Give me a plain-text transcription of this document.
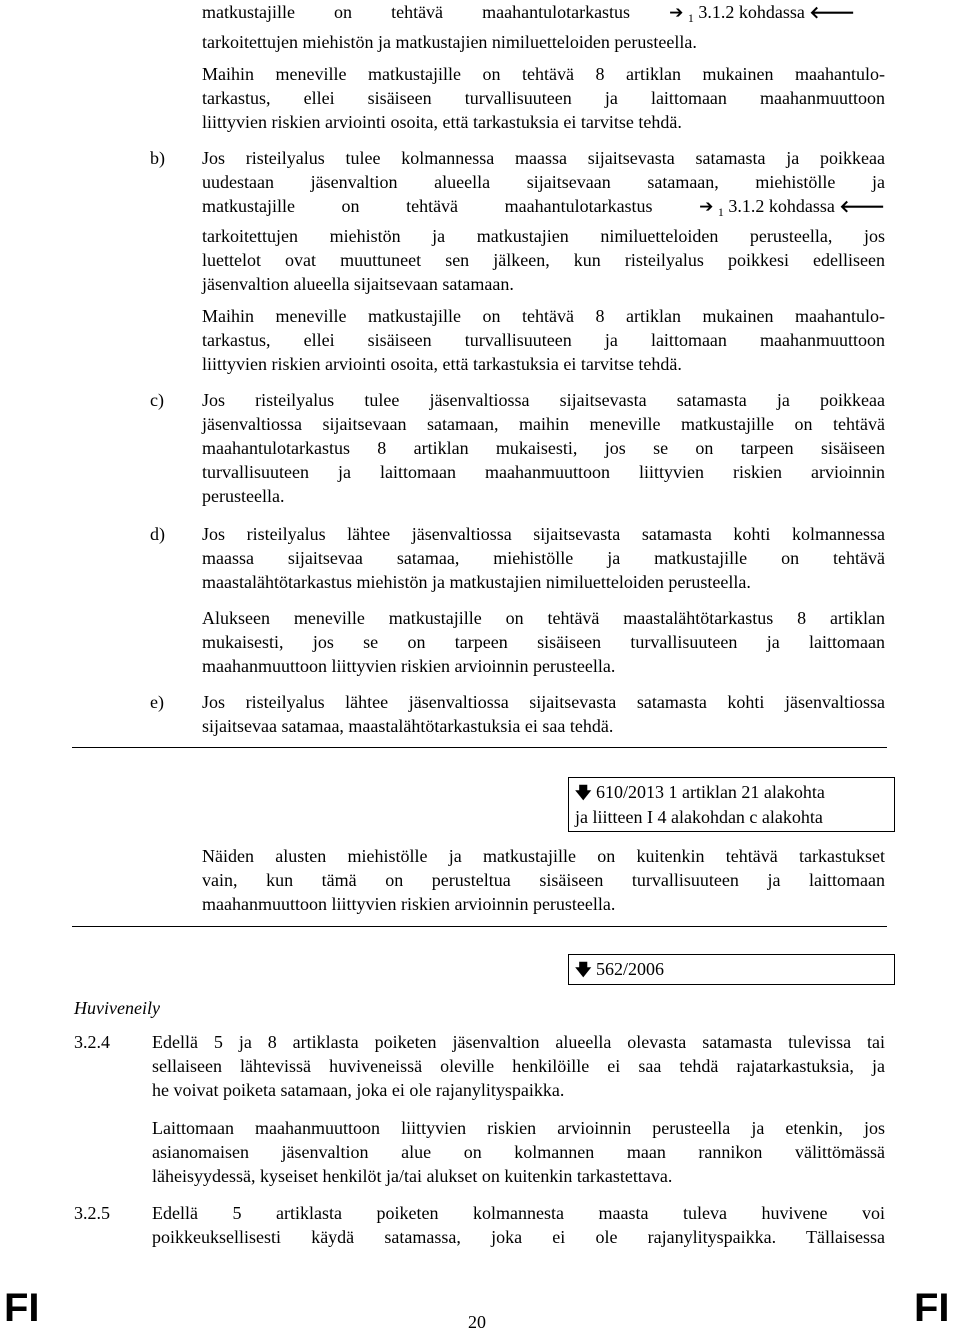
matkustajille on tehtävä maahantulotarkastus ➔ $_1$ 3.1.2 kohdassa 🡐
tarkoitettujen miehistön ja matkustajien nimiluetteloiden perusteella.
Maihin meneville matkustajille on tehtävä 8 artiklan mukainen maahantulo-
tarkastus, ellei sisäiseen turvallisuuteen ja laittomaan maahanmuuttoon
liittyvien riskien arviointi osoita, että tarkastuksia ei tarvitse tehdä.
b) Jos risteilyalus tulee kolmannessa maassa sijaitsevasta satamasta ja poikkeaa
uudestaan jäsenvaltion alueella sijaitsevaan satamaan, miehistölle ja
matkustajille	on	tehtävä	maahantulotarkastus	➔ $_1$ 3.1.2 kohdassa 🡐
tarkoitettujen miehistön ja matkustajien nimiluetteloiden perusteella, jos
luettelot ovat muuttuneet sen jälkeen, kun risteilyalus poikkesi edelliseen
jäsenvaltion alueella sijaitsevaan satamaan.
Maihin meneville matkustajille on tehtävä 8 artiklan mukainen maahantulo-
tarkastus, ellei sisäiseen turvallisuuteen ja laittomaan maahanmuuttoon
liittyvien riskien arviointi osoita, että tarkastuksia ei tarvitse tehdä.
c) Jos risteilyalus tulee jäsenvaltiossa sijaitsevasta satamasta ja poikkeaa
jäsenvaltiossa sijaitsevaan satamaan, maihin meneville matkustajille on tehtävä
maahantulotarkastus 8 artiklan mukaisesti, jos se on tarpeen sisäiseen
turvallisuuteen ja laittomaan maahanmuuttoon liittyvien riskien arvioinnin
perusteella.
d) Jos risteilyalus lähtee jäsenvaltiossa sijaitsevasta satamasta kohti kolmannessa
maassa sijaitsevaa satamaa, miehistölle ja matkustajille on tehtävä
maastalähtötarkastus miehistön ja matkustajien nimiluetteloiden perusteella.
Alukseen meneville matkustajille on tehtävä maastalähtötarkastus 8 artiklan
mukaisesti, jos se on tarpeen sisäiseen turvallisuuteen ja laittomaan
maahanmuuttoon liittyvien riskien arvioinnin perusteella.
e) Jos risteilyalus lähtee jäsenvaltiossa sijaitsevasta satamasta kohti jäsenvaltiossa
sijaitsevaa satamaa, maastalähtötarkastuksia ei saa tehdä.
🡇 610/2013 1 artiklan 21 alakohta
ja liitteen I 4 alakohdan c alakohta
Näiden alusten miehistölle ja matkustajille on kuitenkin tehtävä tarkastukset
vain, kun tämä on perusteltua sisäiseen turvallisuuteen ja laittomaan
maahanmuuttoon liittyvien riskien arvioinnin perusteella.
🡇 562/2006
Huviveneily
3.2.4 Edellä 5 ja 8 artiklasta poiketen jäsenvaltion alueella olevasta satamasta tulevissa tai
sellaiseen lähtevissä huviveneissä oleville henkilöille ei saa tehdä rajatarkastuksia, ja
he voivat poiketa satamaan, joka ei ole rajanylityspaikka.
Laittomaan maahanmuuttoon liittyvien riskien arvioinnin perusteella ja etenkin, jos
asianomaisen jäsenvaltion alue on kolmannen maan rannikon välittömässä
läheisyydessä, kyseiset henkilöt ja/tai alukset on kuitenkin tarkastettava.
3.2.5 Edellä 5 artiklasta poiketen kolmannesta maasta tuleva huvivene voi
poikkeuksellisesti käydä satamassa, joka ei ole rajanylityspaikka. Tällaisessa
FI	20	FI
